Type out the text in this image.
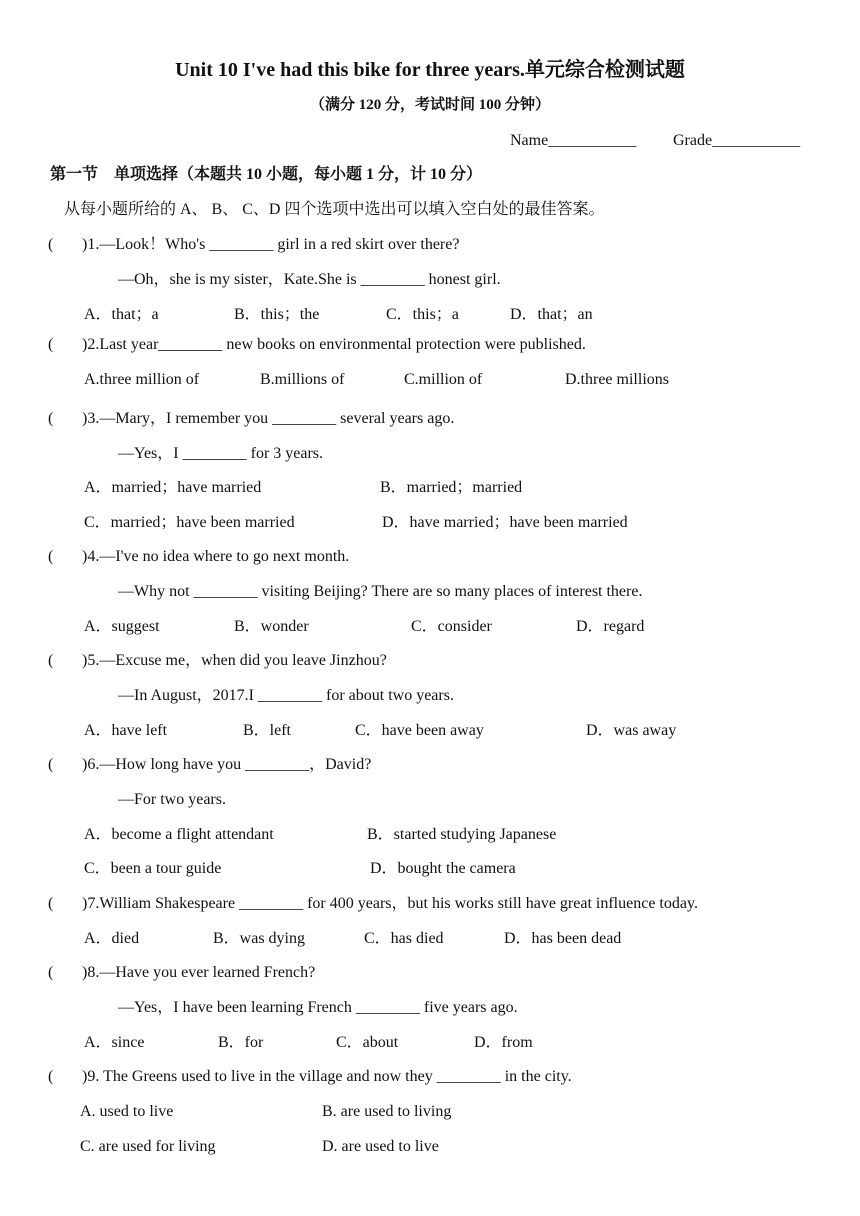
Unit 10 I've had this bike for three years.单元综合检测试题
（满分 120 分，考试时间 100 分钟）
Name___________ Grade___________
第一节　单项选择（本题共 10 小题，每小题 1 分，计 10 分）
从每小题所给的 A、 B、 C、D 四个选项中选出可以填入空白处的最佳答案。
( )1.—Look！Who's ________ girl in a red skirt over there?
—Oh，she is my sister，Kate.She is ________ honest girl.
A．that；a	B．this；the	C．this；a	D．that；an
( )2.Last year________ new books on environmental protection were published.
A.three million of	B.millions of	C.million of	D.three millions
( )3.—Mary，I remember you ________ several years ago.
—Yes，I ________ for 3 years.
A．married；have married	B．married；married
C．married；have been married	D．have married；have been married
( )4.—I've no idea where to go next month.
—Why not ________ visiting Beijing? There are so many places of interest there.
A．suggest	B．wonder	C．consider	D．regard
( )5.—Excuse me，when did you leave Jinzhou?
—In August，2017.I ________ for about two years.
A．have left	B．left	C．have been away	D．was away
( )6.—How long have you ________，David?
—For two years.
A．become a flight attendant	B．started studying Japanese
C．been a tour guide	D．bought the camera
( )7.William Shakespeare ________ for 400 years，but his works still have great influence today.
A．died	B．was dying	C．has died	D．has been dead
( )8.—Have you ever learned French?
—Yes，I have been learning French ________ five years ago.
A．since	B．for	C．about	D．from
( )9. The Greens used to live in the village and now they ________ in the city.
A. used to live	B. are used to living
C. are used for living	D. are used to live
